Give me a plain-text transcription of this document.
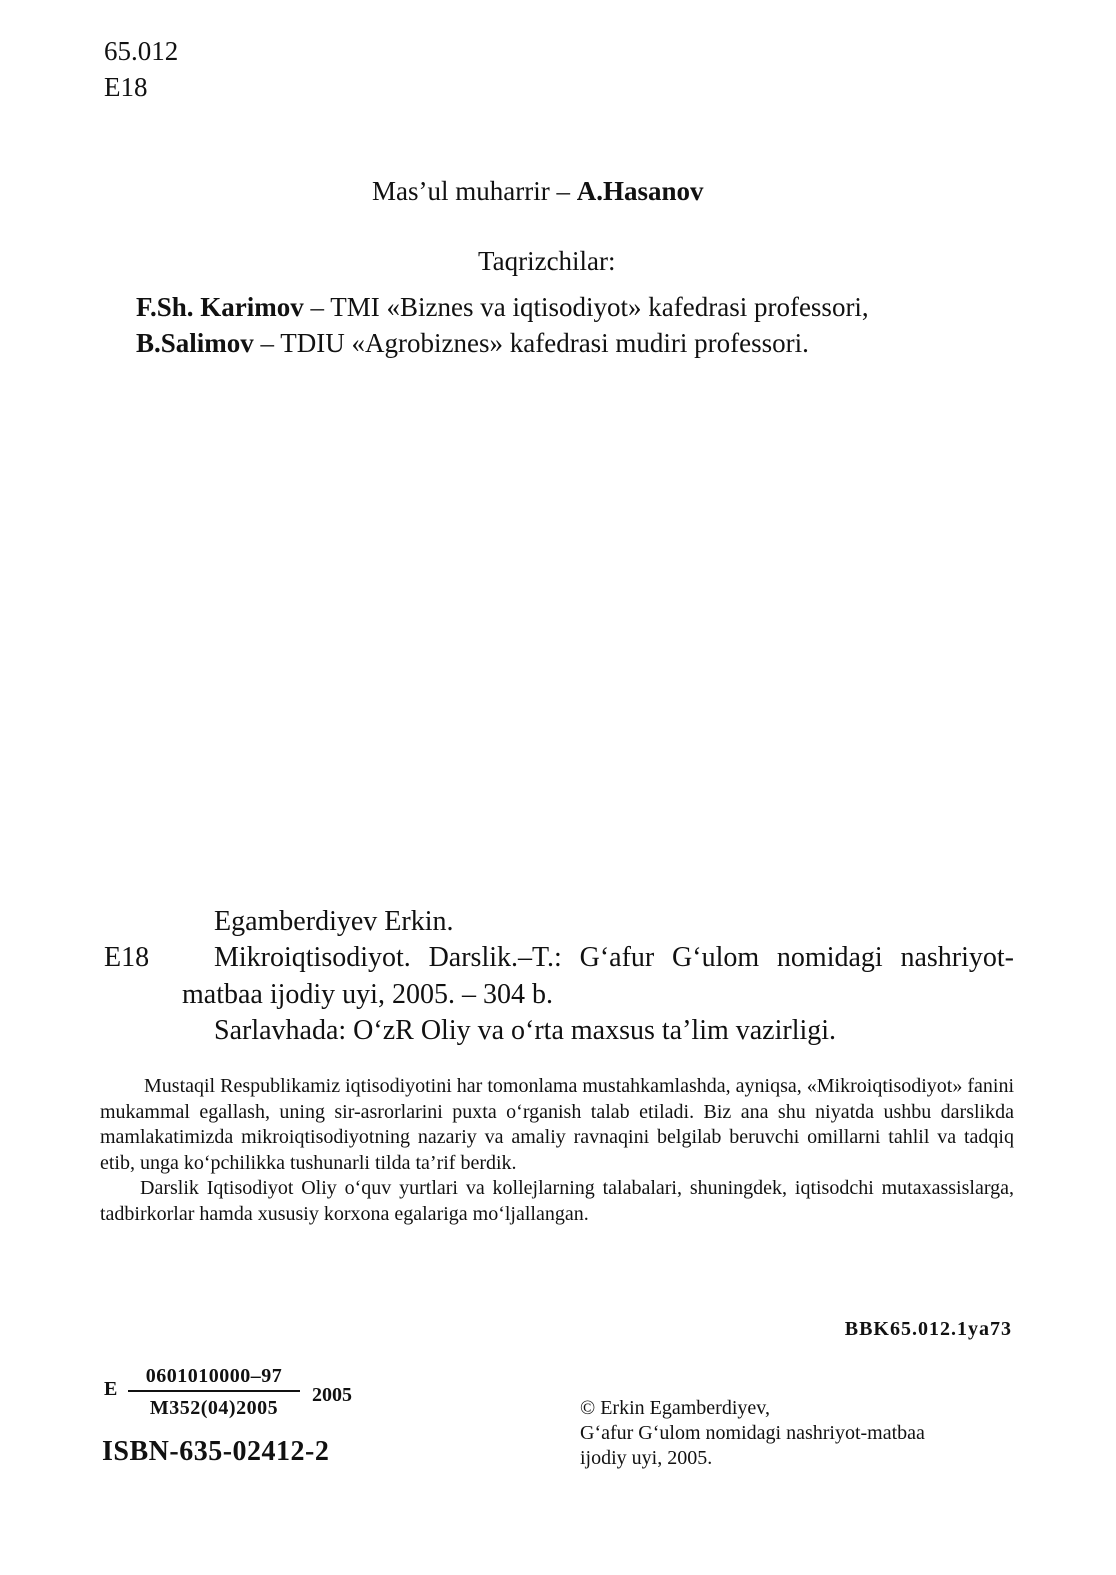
65.012
E18
Mas’ul muharrir – A.Hasanov
Taqrizchilar:
F.Sh. Karimov – TMI «Biznes va iqtisodiyot» kafedrasi professori,
B.Salimov – TDIU «Agrobiznes» kafedrasi mudiri professori.
Egamberdiyev Erkin.
E18 Mikroiqtisodiyot. Darslik.–T.: G‘afur G‘ulom nomidagi nashriyot-
matbaa ijodiy uyi, 2005. – 304 b.
Sarlavhada: O‘zR Oliy va o‘rta maxsus ta’lim vazirligi.

Mustaqil Respublikamiz iqtisodiyotini har tomonlama mustahkamlashda, ayniqsa, «Mikroiqtisodiyot» fanini mukammal egallash, uning sir-asrorlarini puxta o‘rganish talab etiladi. Biz ana shu niyatda ushbu darslikda mamlakatimizda mikroiqtisodiyotning nazariy va amaliy ravnaqini belgilab beruvchi omillarni tahlil va tadqiq etib, unga ko‘pchilikka tushunarli tilda ta’rif berdik.

Darslik Iqtisodiyot Oliy o‘quv yurtlari va kollejlarning talabalari, shuningdek, iqtisodchi mutaxassislarga, tadbirkorlar hamda xususiy korxona egalariga mo‘ljallangan.

BBK65.012.1ya73
E
0601010000–97
M352(04)2005
2005
ISBN-635-02412-2
© Erkin Egamberdiyev,
G‘afur G‘ulom nomidagi nashriyot-matbaa
ijodiy uyi, 2005.
